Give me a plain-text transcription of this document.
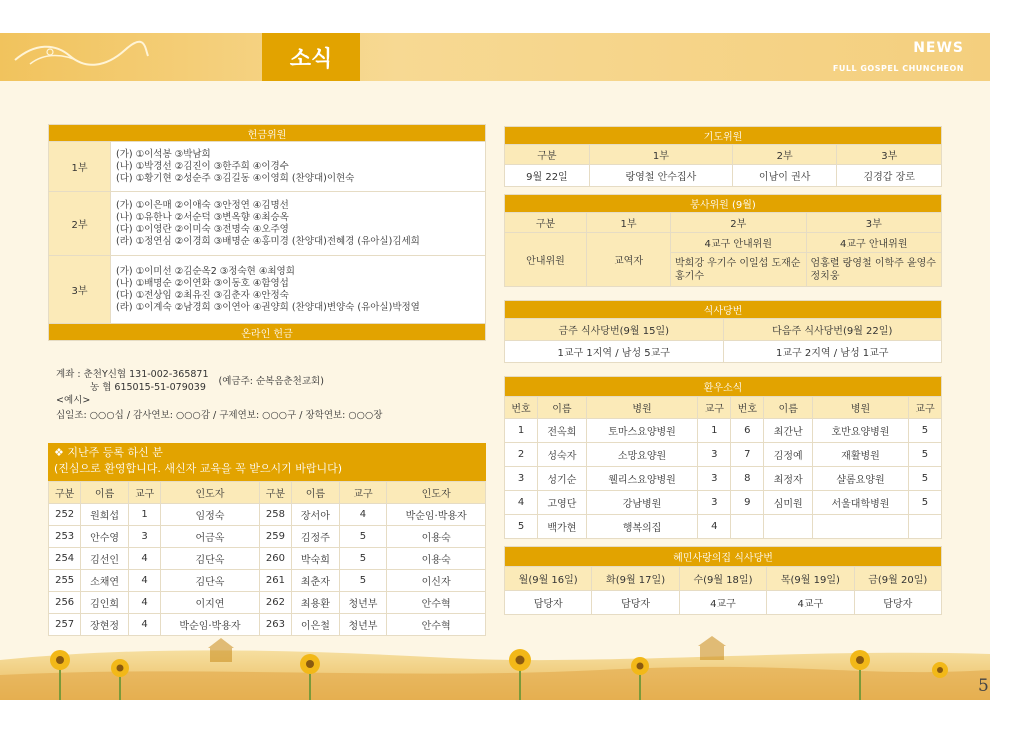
소식	NEWS
FULL GOSPEL CHUNCHEON
헌금위원	
1부	(가) ①이석봉 ③박남희
(나) ①박경선 ②김진이 ③한주희 ④이경수
(다) ①황기현 ②성순주 ③김길동 ④이영희 (찬양대)이현숙

2부	(가) ①이은매 ②이애숙 ③안정연 ④김명선
(나) ①유한나 ②서순덕 ③변옥향 ④최승옥
(다) ①이영란 ②이미숙 ③전명숙 ④오주영
(라) ①정연심 ②이경희 ③배명순 ④홍미경 (찬양대)전혜경 (유아실)김세희

3부	(가) ①이미선 ②김순옥2 ③정숙현 ④최영희
(나) ①배명순 ②이연화 ③이동호 ④함영섭
(다) ①전상임 ②최유진 ③김춘자 ④안정숙
(라) ①이계숙 ②남경희 ③이연아 ④권양희 (찬양대)변양숙 (유아실)박정열

온라인 헌금	
계좌 : 춘천Y신협 131-002-365871
농 협 615015-51-079039
(예금주: 순복음춘천교회)
<예시>
십일조: ○○○십 / 감사연보: ○○○감 / 구제연보: ○○○구 / 장학연보: ○○○장
❖ 지난주 등록 하신 분
(진심으로 환영합니다. 새신자 교육을 꼭 받으시기 바랍니다)
구분	이름	교구	인도자	구분	이름	교구	인도자
252	원희섭	1	임정숙	258	장서아	4	박순임·박용자
253	안수영	3	어금옥	259	김정주	5	이용숙
254	김선인	4	김단옥	260	박숙희	5	이용숙
255	소채연	4	김단옥	261	최춘자	5	이신자
256	김인희	4	이지연	262	최용환	청년부	안수혁
257	장현정	4	박순임·박용자	263	이은철	청년부	안수혁
기도위원			
구분	1부	2부	3부
9월 22일	랑영철 안수집사	이남이 권사	김경갑 장로
봉사위원 (9월)			
구분	1부	2부	3부
안내위원	교역자	4교구 안내위원	4교구 안내위원
		박희강 우기수 이일섭 도재순 홍기수	엄홍렬 랑영철 이학주 윤영수 정치웅
식사당번	
금주 식사당번(9월 15일)	다음주 식사당번(9월 22일)
1교구 1지역 / 남성 5교구	1교구 2지역 / 남성 1교구
환우소식							
번호	이름	병원	교구	번호	이름	병원	교구
1	전옥희	토마스요양병원	1	6	최간난	호반요양병원	5
2	성숙자	소망요양원	3	7	김정예	재활병원	5
3	성기순	웰리스요양병원	3	8	최정자	샬롬요양원	5
4	고영단	강남병원	3	9	심미원	서울대학병원	5
5	백가현	행복의집	4				
혜민사랑의집 식사당번				
월(9월 16일)	화(9월 17일)	수(9월 18일)	목(9월 19일)	금(9월 20일)
담당자	담당자	4교구	4교구	담당자
5
